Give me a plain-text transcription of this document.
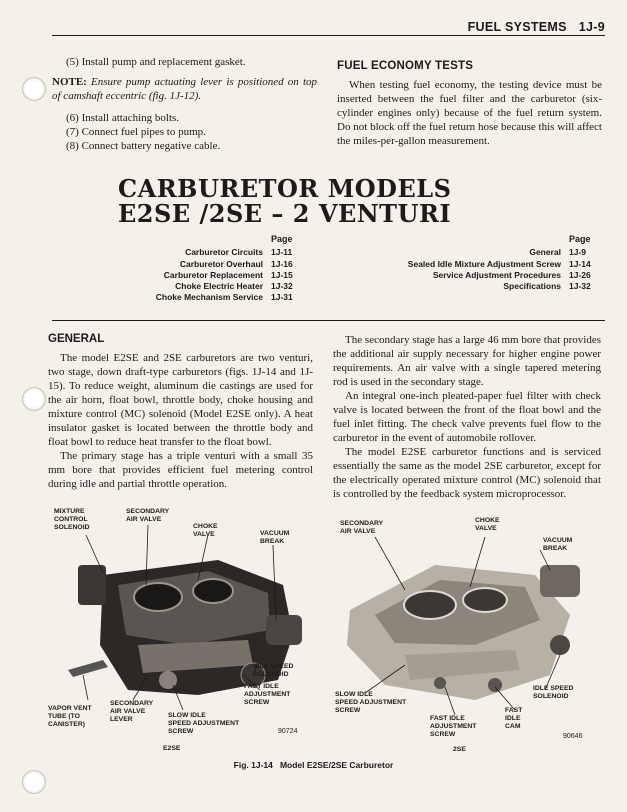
FUEL SYSTEMS 1J-9
(5) Install pump and replacement gasket.
NOTE: Ensure pump actuating lever is positioned on top of camshaft eccentric (fig. 1J-12).
(6) Install attaching bolts.
(7) Connect fuel pipes to pump.
(8) Connect battery negative cable.
FUEL ECONOMY TESTS

When testing fuel economy, the testing device must be inserted between the fuel filter and the carburetor (six-cylinder engines only) because of the fuel return system. Do not block off the fuel return hose because this will affect the miles-per-gallon measurement.

CARBURETOR MODELS
E2SE /2SE – 2 VENTURI
Page
Carburetor Circuits 1J-11
Carburetor Overhaul 1J-16
Carburetor Replacement 1J-15
Choke Electric Heater 1J-32
Choke Mechanism Service 1J-31
Page
General 1J-9
Sealed Idle Mixture Adjustment Screw 1J-14
Service Adjustment Procedures 1J-26
Specifications 1J-32
GENERAL

The model E2SE and 2SE carburetors are two venturi, two stage, down draft-type carburetors (figs. 1J-14 and 1J-15). To reduce weight, aluminum die castings are used for the air horn, float bowl, throttle body, choke housing and mixture control (MC) solenoid (Model E2SE only). A heat insulator gasket is located between the throttle body and float bowl to reduce heat transfer to the float bowl.

The primary stage has a triple venturi with a small 35 mm bore that provides efficient fuel metering control during idle and partial throttle operation.

The secondary stage has a large 46 mm bore that provides the additional air supply necessary for higher engine power requirements. An air valve with a single tapered metering rod is used in the secondary stage.

An integral one-inch pleated-paper fuel filter with check valve is located between the front of the float bowl and the fuel inlet fitting. The check valve prevents fuel flow to the carburetor in the event of automobile rollover.

The model E2SE carburetor functions and is serviced essentially the same as the model 2SE carburetor, except for the electrically operated mixture control (MC) solenoid that is controlled by the feedback system microprocessor.

MIXTURE
CONTROL
SOLENOID
SECONDARY
AIR VALVE
CHOKE
VALVE	VACUUM
BREAK
IDLE SPEED
SOLENOID
FAST IDLE
ADJUSTMENT
SCREW
VAPOR VENT
TUBE (TO
CANISTER)
SECONDARY
AIR VALVE
LEVER
SLOW IDLE
SPEED ADJUSTMENT
SCREW	90724
E2SE
SECONDARY
AIR VALVE
CHOKE
VALVE
VACUUM
BREAK
SLOW IDLE
SPEED ADJUSTMENT
SCREW
IDLE SPEED
SOLENOID
FAST
IDLE
CAM
FAST IDLE
ADJUSTMENT
SCREW	90646
2SE
Fig. 1J-14   Model E2SE/2SE Carburetor
